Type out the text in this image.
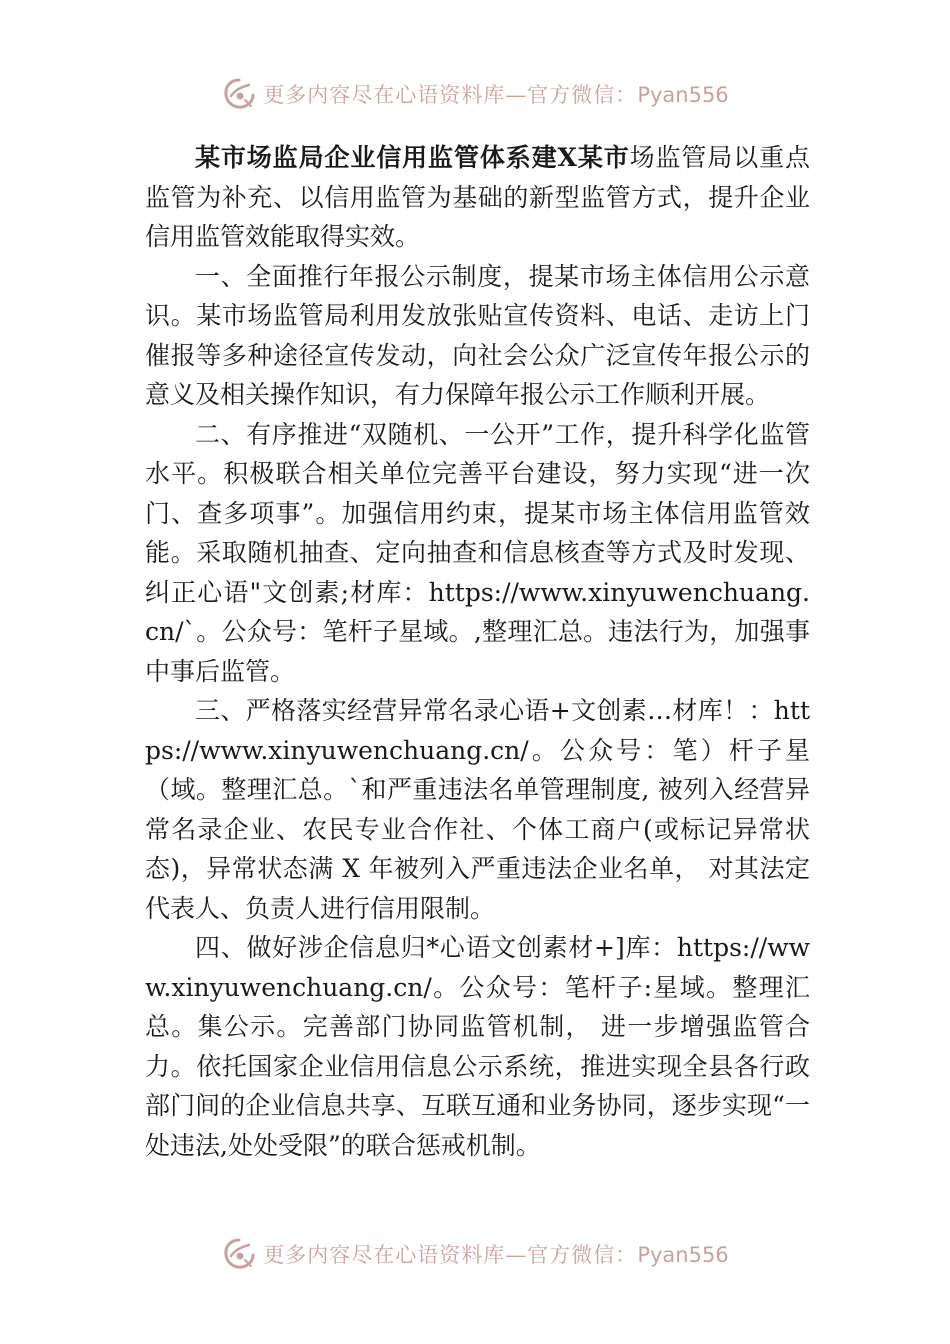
更多内容尽在心语资料库—官方微信：Pyan556

某市场监局企业信用监管体系建X某市场监管局以重点监管为补充、以信用监管为基础的新型监管方式，提升企业信用监管效能取得实效。

一、全面推行年报公示制度，提某市场主体信用公示意识。某市场监管局利用发放张贴宣传资料、电话、走访上门催报等多种途径宣传发动，向社会公众广泛宣传年报公示的意义及相关操作知识，有力保障年报公示工作顺利开展。

二、有序推进“双随机、一公开”工作，提升科学化监管水平。积极联合相关单位完善平台建设，努力实现“进一次门、查多项事”。加强信用约束，提某市场主体信用监管效能。采取随机抽查、定向抽查和信息核查等方式及时发现、纠正心语"文创素;材库：https://www.xinyuwenchuang.cn/`。公众号：笔杆子星域。,整理汇总。违法行为，加强事中事后监管。

三、严格落实经营异常名录心语+文创素…材库！：https://www.xinyuwenchuang.cn/。公众号：笔）杆子星（域。整理汇总。`和严重违法名单管理制度, 被列入经营异常名录企业、农民专业合作社、个体工商户(或标记异常状态)，异常状态满 X 年被列入严重违法企业名单， 对其法定代表人、负责人进行信用限制。

四、做好涉企信息归*心语文创素材+]库：https://www.xinyuwenchuang.cn/。公众号：笔杆子:星域。整理汇总。集公示。完善部门协同监管机制， 进一步增强监管合力。依托国家企业信用信息公示系统，推进实现全县各行政部门间的企业信息共享、互联互通和业务协同，逐步实现“一处违法,处处受限”的联合惩戒机制。

更多内容尽在心语资料库—官方微信：Pyan556
